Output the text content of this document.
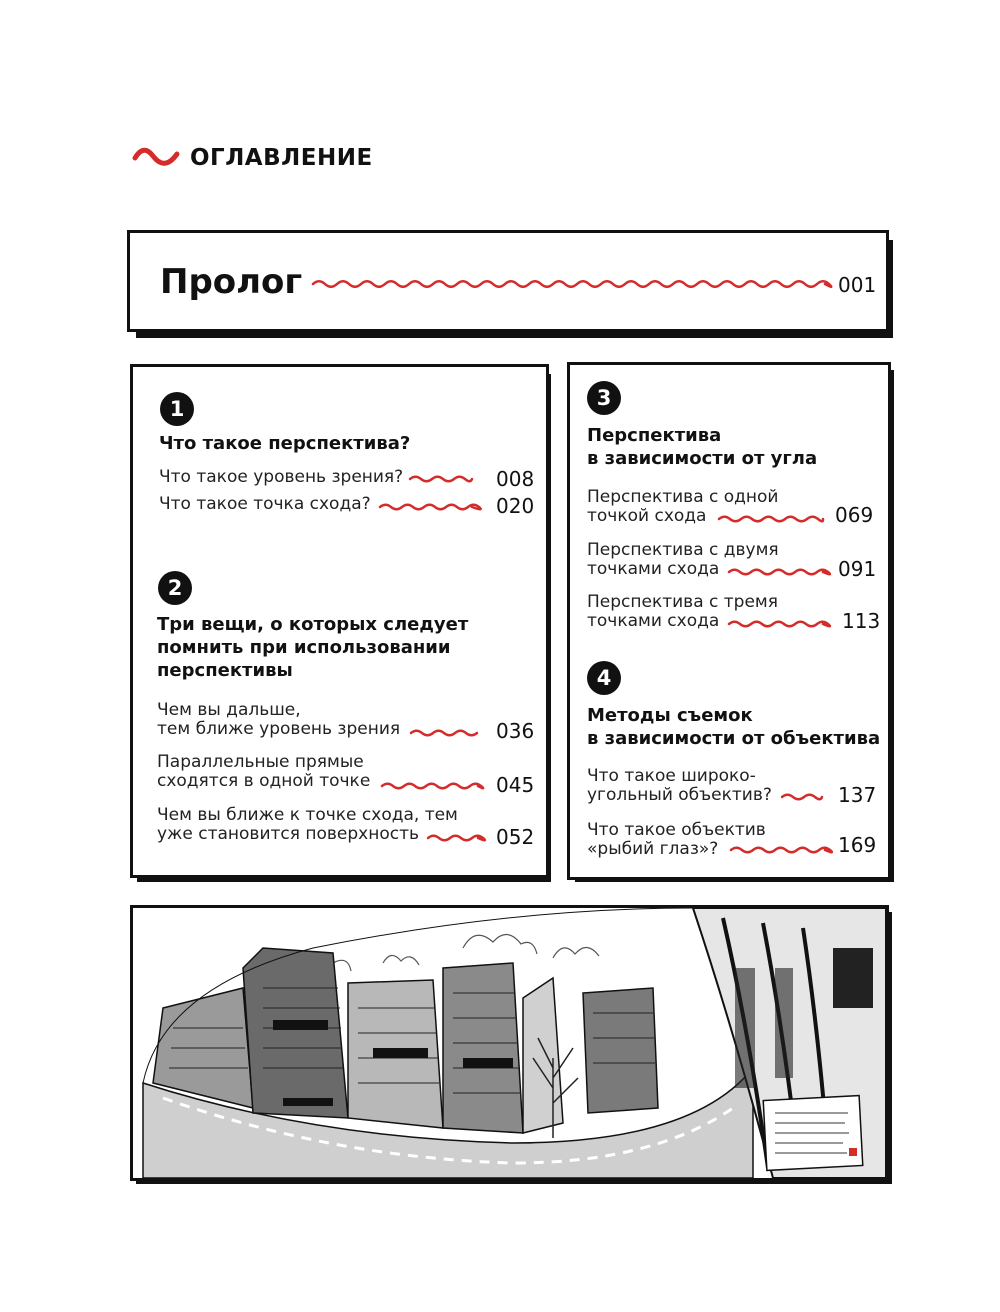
ОГЛАВЛЕНИЕ
Пролог	001
1
Что такое перспектива?
Что такое уровень зрения?	008
Что такое точка схода?	020
2
Три вещи, о которых следует
помнить при использовании
перспективы
Чем вы дальше,
тем ближе уровень зрения	036
Параллельные прямые
сходятся в одной точке	045
Чем вы ближе к точке схода, тем
уже становится поверхность	052
3
Перспектива
в зависимости от угла
Перспектива с одной
точкой схода	069
Перспектива с двумя
точками схода	091
Перспектива с тремя
точками схода	113
4
Методы съемок
в зависимости от объектива
Что такое широко-
угольный объектив?	137
Что такое объектив
«рыбий глаз»?	169
